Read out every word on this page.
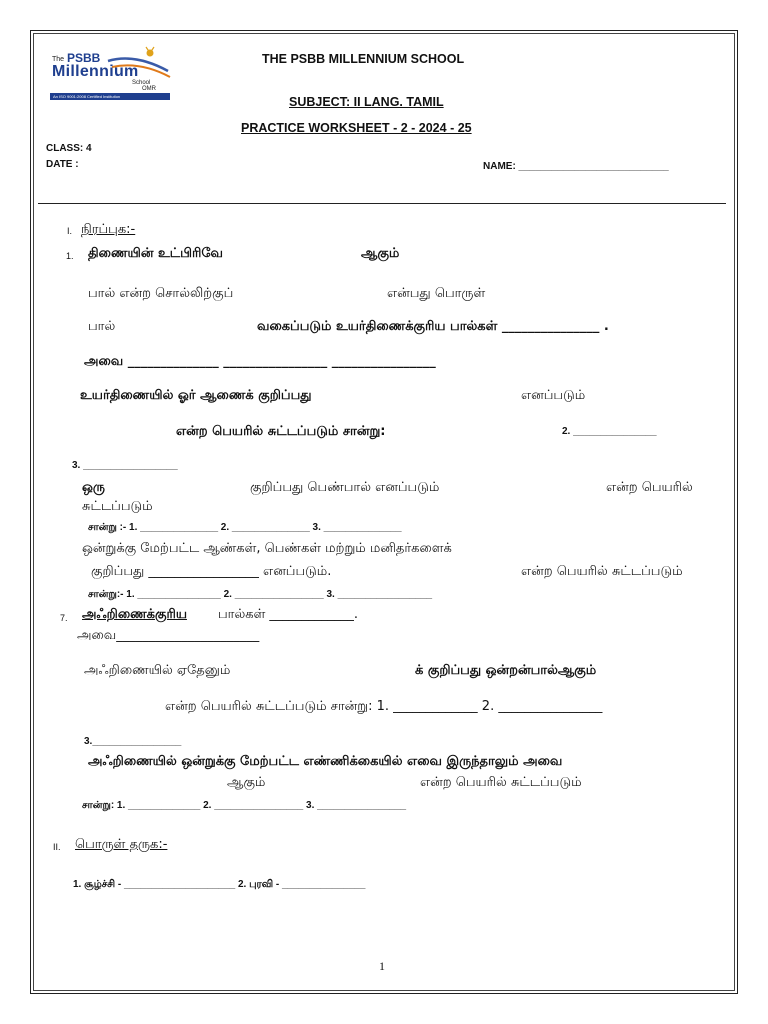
The PSBB
Millennium
School
OMR
An ISO 9001:2008 Certified Institution
THE PSBB MILLENNIUM SCHOOL
SUBJECT: II LANG. TAMIL
PRACTICE WORKSHEET - 2 - 2024 - 25
CLASS: 4
DATE :	NAME: ___________________________
I. நிரப்புக:-
1. திணையின் உட்பிரிவே	ஆகும்
பால் என்ற சொல்லிற்குப்	என்பது பொருள்
பால்	வகைப்படும் உயர்திணைக்குரிய பால்கள் _______________ .
அவை ______________ ________________ ________________
உயர்திணையில் ஓர் ஆணைக் குறிப்பது	எனப்படும்
என்ற பெயரில் சுட்டப்படும் சான்று:	2. _______________
3. _________________
ஒரு	குறிப்பது பெண்பால் எனப்படும்	என்ற பெயரில்
சுட்டப்படும்
சான்று :- 1. ______________ 2. ______________ 3. ______________
ஒன்றுக்கு மேற்பட்ட ஆண்கள், பெண்கள் மற்றும் மனிதர்களைக்
குறிப்பது _________________ எனப்படும்.	என்ற பெயரில் சுட்டப்படும்
சான்று:- 1. _______________ 2. ________________ 3. _________________
7. அஃறிணைக்குரிய பால்கள் _____________.
அவை______________________
அஃறிணையில் ஏதேனும்	க் குறிப்பது ஒன்றன்பால்ஆகும்
என்ற பெயரில் சுட்டப்படும் சான்று: 1. _____________ 2. ________________
3.________________
அஃறிணையில் ஒன்றுக்கு மேற்பட்ட எண்ணிக்கையில் எவை இருந்தாலும் அவை
ஆகும்	என்ற பெயரில் சுட்டப்படும்
சான்று: 1. _____________ 2. ________________ 3. ________________
II. பொருள் தருக:-
1. சூழ்ச்சி - ____________________ 2. புரவி - _______________
1
